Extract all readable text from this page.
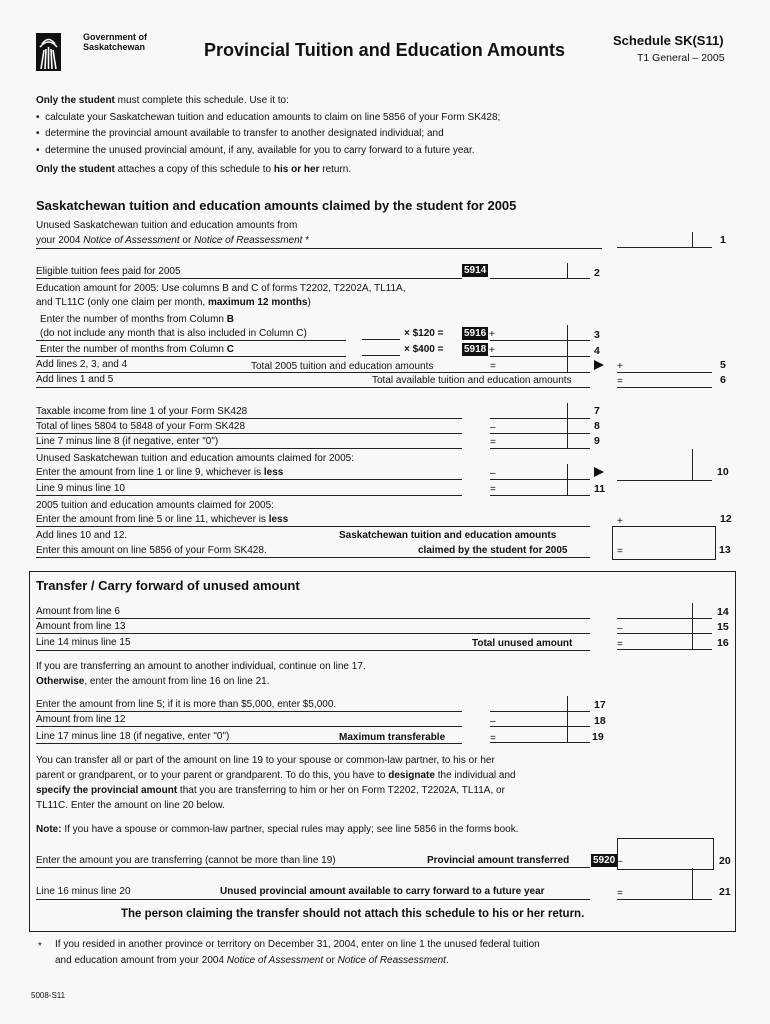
Government of
Saskatchewan	Provincial Tuition and Education Amounts	Schedule SK(S11)
T1 General – 2005
Only the student must complete this schedule. Use it to:
•  calculate your Saskatchewan tuition and education amounts to claim on line 5856 of your Form SK428;
•  determine the provincial amount available to transfer to another designated individual; and
•  determine the unused provincial amount, if any, available for you to carry forward to a future year.
Only the student attaches a copy of this schedule to his or her return.
Saskatchewan tuition and education amounts claimed by the student for 2005
Unused Saskatchewan tuition and education amounts from
your 2004 Notice of Assessment or Notice of Reassessment *	1
Eligible tuition fees paid for 2005	5914	2
Education amount for 2005: Use columns B and C of forms T2202, T2202A, TL11A,
and TL11C (only one claim per month, maximum 12 months)
Enter the number of months from Column B
(do not include any month that is also included in Column C)	× $120 = 5916 +	3
Enter the number of months from Column C	× $400 = 5918 +	4
Add lines 2, 3, and 4	Total 2005 tuition and education amounts	=	+	5
Add lines 1 and 5	Total available tuition and education amounts	=	6
Taxable income from line 1 of your Form SK428	7
Total of lines 5804 to 5848 of your Form SK428	–	8
Line 7 minus line 8 (if negative, enter "0")	=	9
Unused Saskatchewan tuition and education amounts claimed for 2005:
Enter the amount from line 1 or line 9, whichever is less	–	10
Line 9 minus line 10	=	11
2005 tuition and education amounts claimed for 2005:
Enter the amount from line 5 or line 11, whichever is less	+	12
Add lines 10 and 12.
Enter this amount on line 5856 of your Form SK428.
Saskatchewan tuition and education amounts
claimed by the student for 2005	=	13
Transfer / Carry forward of unused amount
Amount from line 6	14
Amount from line 13	–	15
Line 14 minus line 15	Total unused amount	=	16
If you are transferring an amount to another individual, continue on line 17.
Otherwise, enter the amount from line 16 on line 21.
Enter the amount from line 5; if it is more than $5,000, enter $5,000.	17
Amount from line 12	–	18
Line 17 minus line 18 (if negative, enter "0")	Maximum transferable	=	19
You can transfer all or part of the amount on line 19 to your spouse or common-law partner, to his or her
parent or grandparent, or to your parent or grandparent. To do this, you have to designate the individual and
specify the provincial amount that you are transferring to him or her on Form T2202, T2202A, TL11A, or
TL11C. Enter the amount on line 20 below.
Note: If you have a spouse or common-law partner, special rules may apply; see line 5856 in the forms book.
Enter the amount you are transferring (cannot be more than line 19)	Provincial amount transferred 5920 –	20
Line 16 minus line 20	Unused provincial amount available to carry forward to a future year	=	21
The person claiming the transfer should not attach this schedule to his or her return.
* If you resided in another province or territory on December 31, 2004, enter on line 1 the unused federal tuition
and education amount from your 2004 Notice of Assessment or Notice of Reassessment.
5008-S11
